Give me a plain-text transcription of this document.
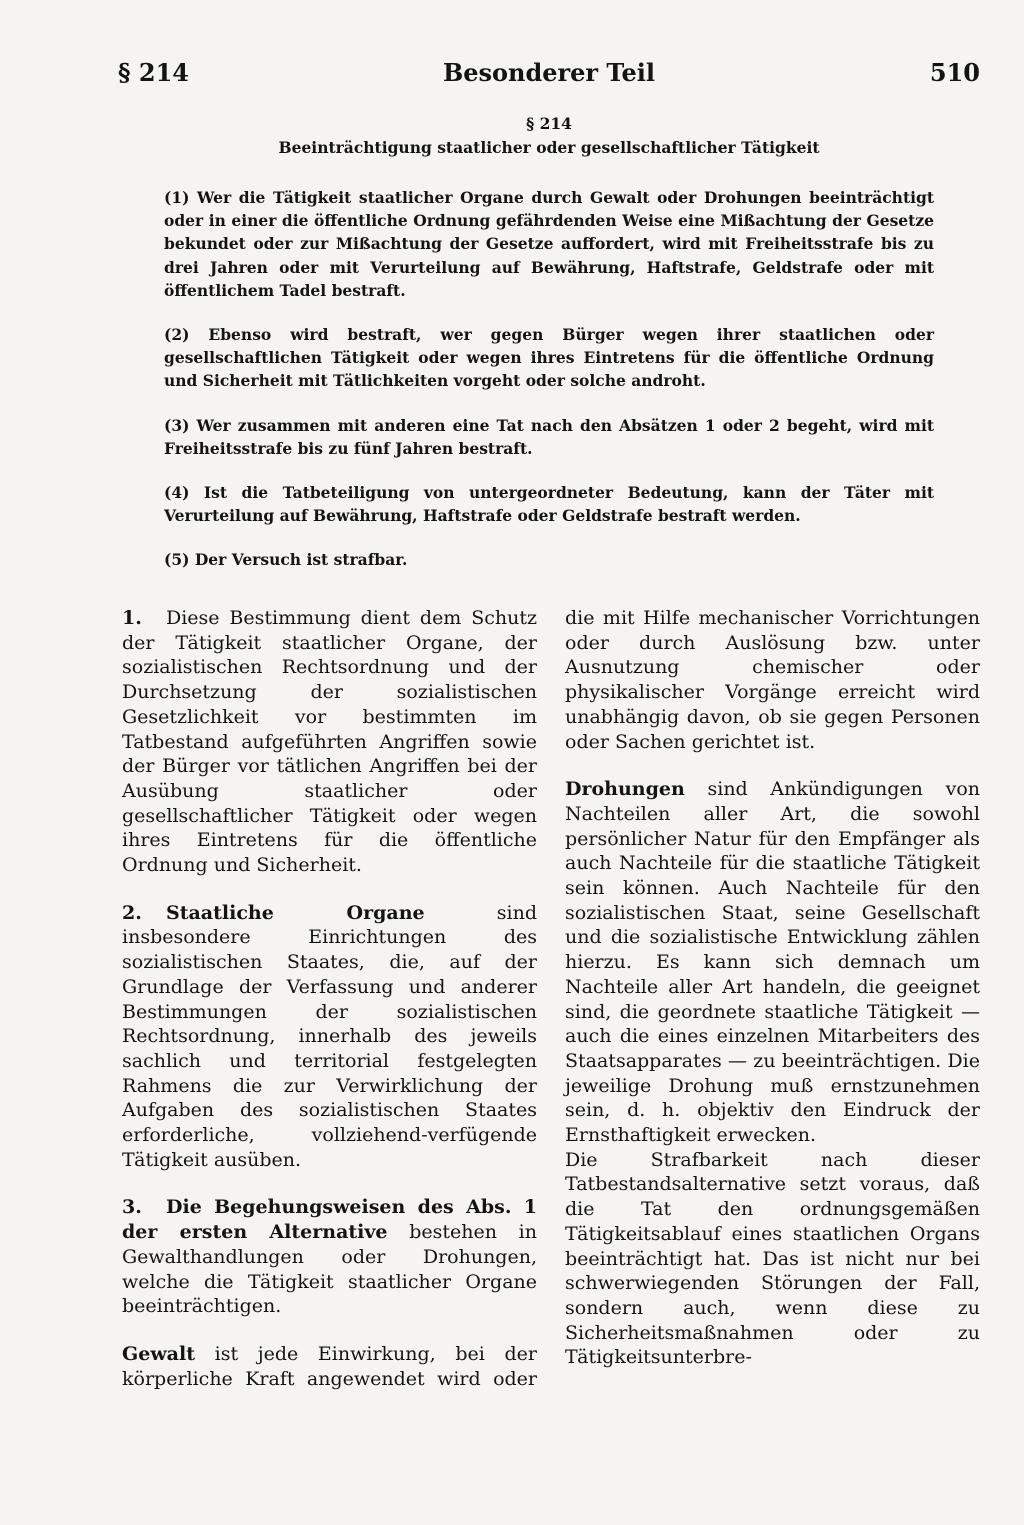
§ 214	Besonderer Teil	510
§ 214
Beeinträchtigung staatlicher oder gesellschaftlicher Tätigkeit

(1) Wer die Tätigkeit staatlicher Organe durch Gewalt oder Drohungen beeinträchtigt oder in einer die öffentliche Ordnung gefährdenden Weise eine Mißachtung der Gesetze bekundet oder zur Mißachtung der Gesetze auffordert, wird mit Freiheitsstrafe bis zu drei Jahren oder mit Verurteilung auf Bewährung, Haftstrafe, Geldstrafe oder mit öffentlichem Tadel bestraft.

(2) Ebenso wird bestraft, wer gegen Bürger wegen ihrer staatlichen oder gesellschaftlichen Tätigkeit oder wegen ihres Eintretens für die öffentliche Ordnung und Sicherheit mit Tätlichkeiten vorgeht oder solche androht.

(3) Wer zusammen mit anderen eine Tat nach den Absätzen 1 oder 2 begeht, wird mit Freiheitsstrafe bis zu fünf Jahren bestraft.

(4) Ist die Tatbeteiligung von untergeordneter Bedeutung, kann der Täter mit Verurteilung auf Bewährung, Haftstrafe oder Geldstrafe bestraft werden.

(5) Der Versuch ist strafbar.

1. Diese Bestimmung dient dem Schutz der Tätigkeit staatlicher Organe, der sozialistischen Rechtsordnung und der Durchsetzung der sozialistischen Gesetzlichkeit vor bestimmten im Tatbestand aufgeführten Angriffen sowie der Bürger vor tätlichen Angriffen bei der Ausübung staatlicher oder gesellschaftlicher Tätigkeit oder wegen ihres Eintretens für die öffentliche Ordnung und Sicherheit.

2. Staatliche Organe sind insbesondere Einrichtungen des sozialistischen Staates, die, auf der Grundlage der Verfassung und anderer Bestimmungen der sozialistischen Rechtsordnung, innerhalb des jeweils sachlich und territorial festgelegten Rahmens die zur Verwirklichung der Aufgaben des sozialistischen Staates erforderliche, vollziehend-verfügende Tätigkeit ausüben.

3. Die Begehungsweisen des Abs. 1 der ersten Alternative bestehen in Gewalthandlungen oder Drohungen, welche die Tätigkeit staatlicher Organe beeinträchtigen.

Gewalt ist jede Einwirkung, bei der körperliche Kraft angewendet wird oder die mit Hilfe mechanischer Vorrichtungen oder durch Auslösung bzw. unter Ausnutzung chemischer oder physikalischer Vorgänge erreicht wird unabhängig davon, ob sie gegen Personen oder Sachen gerichtet ist.

Drohungen sind Ankündigungen von Nachteilen aller Art, die sowohl persönlicher Natur für den Empfänger als auch Nachteile für die staatliche Tätigkeit sein können. Auch Nachteile für den sozialistischen Staat, seine Gesellschaft und die sozialistische Entwicklung zählen hierzu. Es kann sich demnach um Nachteile aller Art handeln, die geeignet sind, die geordnete staatliche Tätigkeit — auch die eines einzelnen Mitarbeiters des Staatsapparates — zu beeinträchtigen. Die jeweilige Drohung muß ernstzunehmen sein, d. h. objektiv den Eindruck der Ernsthaftigkeit erwecken.

Die Strafbarkeit nach dieser Tatbestandsalternative setzt voraus, daß die Tat den ordnungsgemäßen Tätigkeitsablauf eines staatlichen Organs beeinträchtigt hat. Das ist nicht nur bei schwerwiegenden Störungen der Fall, sondern auch, wenn diese zu Sicherheitsmaßnahmen oder zu Tätigkeitsunterbre-
